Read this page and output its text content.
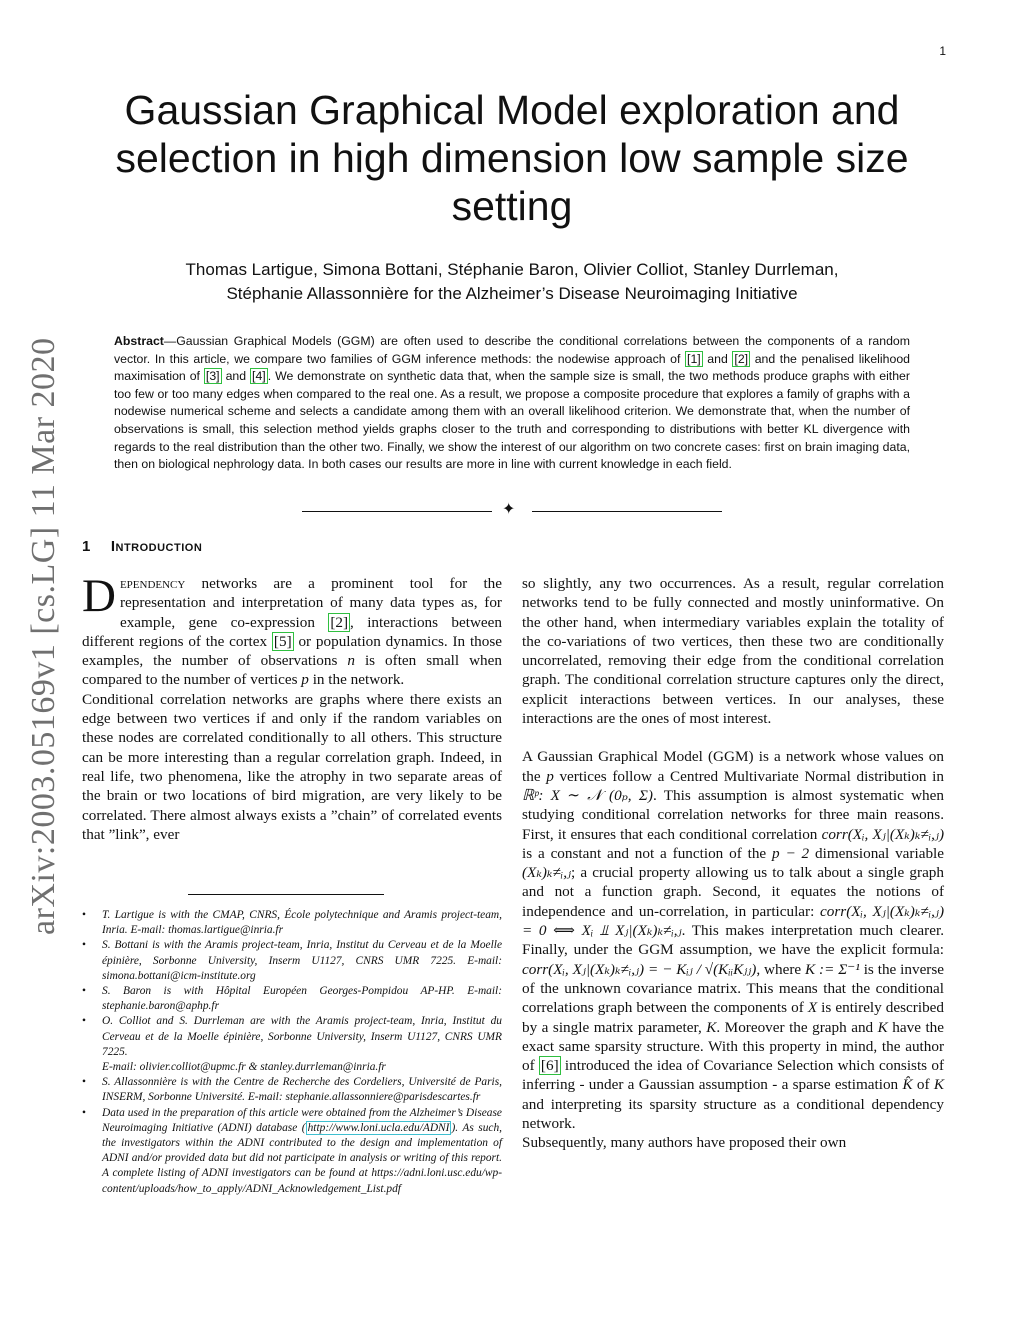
1
Gaussian Graphical Model exploration and selection in high dimension low sample size setting
Thomas Lartigue, Simona Bottani, Stéphanie Baron, Olivier Colliot, Stanley Durrleman,
Stéphanie Allassonnière for the Alzheimer’s Disease Neuroimaging Initiative
Abstract—Gaussian Graphical Models (GGM) are often used to describe the conditional correlations between the components of a random vector. In this article, we compare two families of GGM inference methods: the nodewise approach of [1] and [2] and the penalised likelihood maximisation of [3] and [4] . We demonstrate on synthetic data that, when the sample size is small, the two methods produce graphs with either too few or too many edges when compared to the real one. As a result, we propose a composite procedure that explores a family of graphs with a nodewise numerical scheme and selects a candidate among them with an overall likelihood criterion. We demonstrate that, when the number of observations is small, this selection method yields graphs closer to the truth and corresponding to distributions with better KL divergence with regards to the real distribution than the other two. Finally, we show the interest of our algorithm on two concrete cases: first on brain imaging data, then on biological nephrology data. In both cases our results are more in line with current knowledge in each field.
✦
arXiv:2003.05169v1 [cs.LG] 11 Mar 2020 1 Introduction

Dependency networks are a prominent tool for the representation and interpretation of many data types as, for example, gene co-expression [2] , interactions between different regions of the cortex [5] or population dynamics. In those examples, the number of observations n is often small when compared to the number of vertices p in the network.

Conditional correlation networks are graphs where there exists an edge between two vertices if and only if the random variables on these nodes are correlated conditionally to all others. This structure can be more interesting than a regular correlation graph. Indeed, in real life, two phenomena, like the atrophy in two separate areas of the brain or two locations of bird migration, are very likely to be correlated. There almost always exists a ”chain” of correlated events that ”link”, ever

• T. Lartigue is with the CMAP, CNRS, École polytechnique and Aramis project-team, Inria. E-mail: thomas.lartigue@inria.fr
• S. Bottani is with the Aramis project-team, Inria, Institut du Cerveau et de la Moelle épinière, Sorbonne University, Inserm U1127, CNRS UMR 7225. E-mail: simona.bottani@icm-institute.org
• S. Baron is with Hôpital Européen Georges-Pompidou AP-HP. E-mail: stephanie.baron@aphp.fr
• O. Colliot and S. Durrleman are with the Aramis project-team, Inria, Institut du Cerveau et de la Moelle épinière, Sorbonne University, Inserm U1127, CNRS UMR 7225.
E-mail: olivier.colliot@upmc.fr & stanley.durrleman@inria.fr
• S. Allassonnière is with the Centre de Recherche des Cordeliers, Université de Paris, INSERM, Sorbonne Université. E-mail: stephanie.allassonniere@parisdescartes.fr
• Data used in the preparation of this article were obtained from the Alzheimer’s Disease Neuroimaging Initiative (ADNI) database ( http://www.loni.ucla.edu/ADNI ). As such, the investigators within the ADNI contributed to the design and implementation of ADNI and/or provided data but did not participate in analysis or writing of this report. A complete listing of ADNI investigators can be found at https://adni.loni.usc.edu/wp-content/uploads/how_to_apply/ADNI_Acknowledgement_List.pdf

so slightly, any two occurrences. As a result, regular correlation networks tend to be fully connected and mostly uninformative. On the other hand, when intermediary variables explain the totality of the co-variations of two vertices, then these two are conditionally uncorrelated, removing their edge from the conditional correlation graph. The conditional correlation structure captures only the direct, explicit interactions between vertices. In our analyses, these interactions are the ones of most interest.

A Gaussian Graphical Model (GGM) is a network whose values on the p vertices follow a Centred Multivariate Normal distribution in ℝᵖ: X ∼ 𝒩 (0ₚ, Σ). This assumption is almost systematic when studying conditional correlation networks for three main reasons. First, it ensures that each conditional correlation corr(Xᵢ, Xⱼ|(Xₖ)ₖ≠ᵢ,ⱼ) is a constant and not a function of the p − 2 dimensional variable (Xₖ)ₖ≠ᵢ,ⱼ; a crucial property allowing us to talk about a single graph and not a function graph. Second, it equates the notions of independence and un-correlation, in particular: corr(Xᵢ, Xⱼ|(Xₖ)ₖ≠ᵢ,ⱼ) = 0 ⟺ Xᵢ ⫫ Xⱼ|(Xₖ)ₖ≠ᵢ,ⱼ. This makes interpretation much clearer. Finally, under the GGM assumption, we have the explicit formula: corr(Xᵢ, Xⱼ|(Xₖ)ₖ≠ᵢ,ⱼ) = − Kᵢⱼ / √(KᵢᵢKⱼⱼ), where K := Σ⁻¹ is the inverse of the unknown covariance matrix. This means that the conditional correlations graph between the components of X is entirely described by a single matrix parameter, K. Moreover the graph and K have the exact same sparsity structure. With this property in mind, the author of [6] introduced the idea of Covariance Selection which consists of inferring - under a Gaussian assumption - a sparse estimation K̂ of K and interpreting its sparsity structure as a conditional dependency network.

Subsequently, many authors have proposed their own
